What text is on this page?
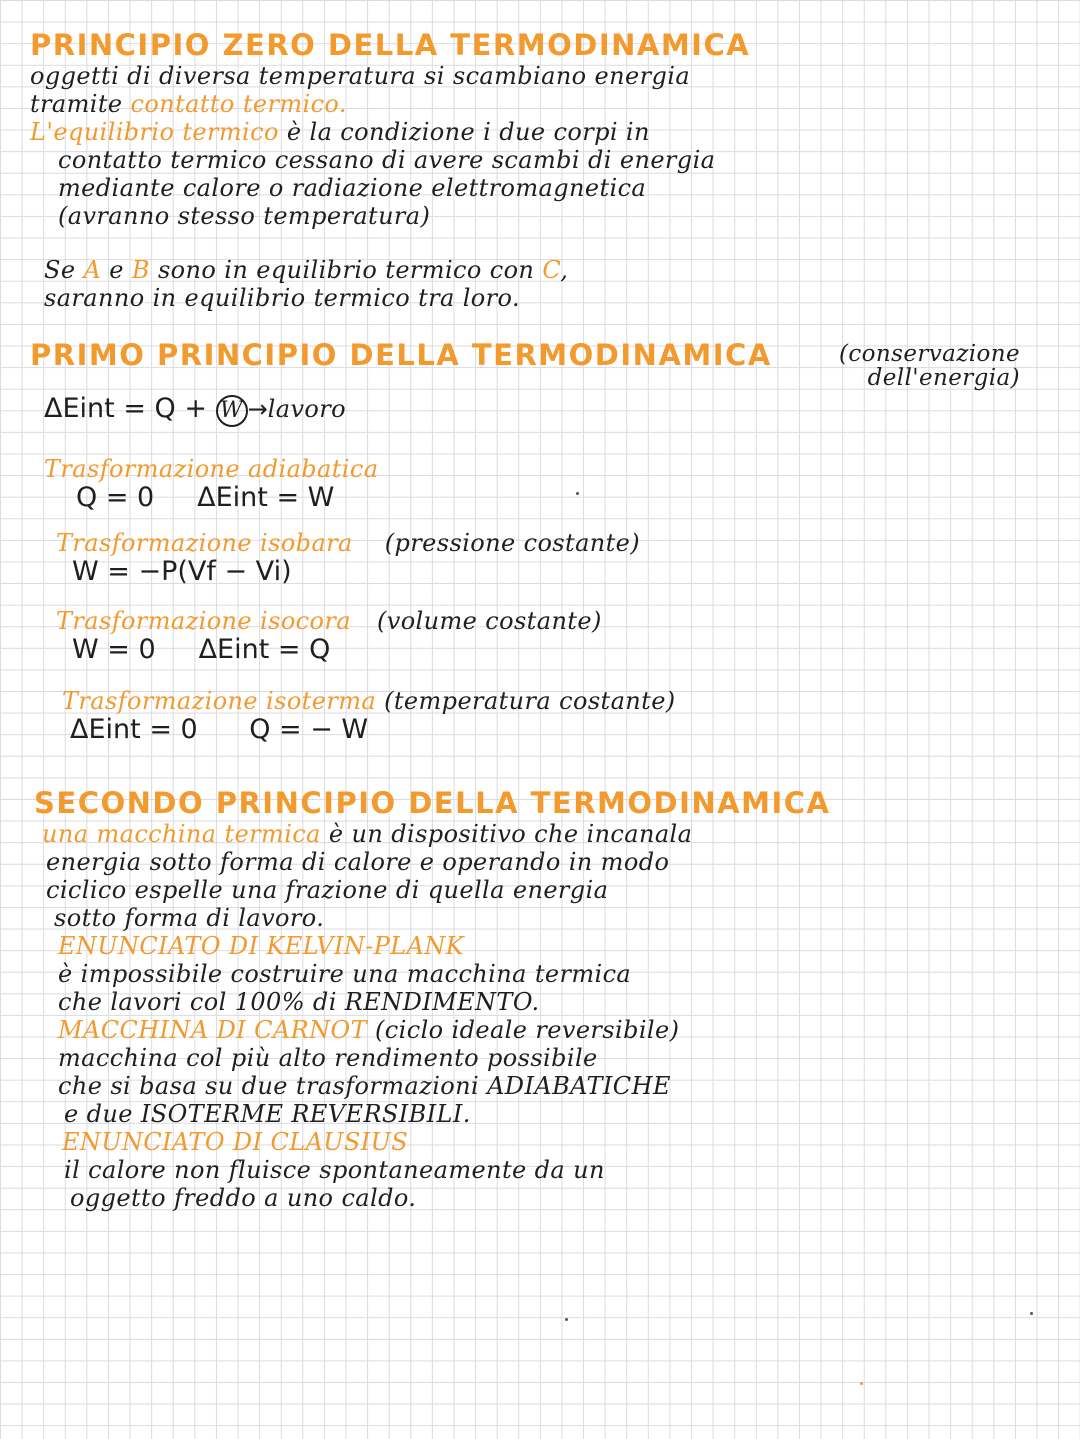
PRINCIPIO ZERO DELLA TERMODINAMICA

oggetti di diversa temperatura si scambiano energia

tramite contatto termico.

L'equilibrio termico è la condizione i due corpi in

contatto termico cessano di avere scambi di energia

mediante calore o radiazione elettromagnetica

(avranno stesso temperatura)

Se A e B sono in equilibrio termico con C,

saranno in equilibrio termico tra loro.

PRIMO PRINCIPIO DELLA TERMODINAMICA	(conservazione

dell'energia)

ΔEint = Q + W →lavoro

Trasformazione adiabatica

Q = 0     ΔEint = W

Trasformazione isobara (pressione costante)

W = −P(Vf − Vi)

Trasformazione isocora (volume costante)

W = 0     ΔEint = Q

Trasformazione isoterma (temperatura costante)

ΔEint = 0      Q = − W

SECONDO PRINCIPIO DELLA TERMODINAMICA

una macchina termica è un dispositivo che incanala

energia sotto forma di calore e operando in modo

ciclico espelle una frazione di quella energia

sotto forma di lavoro.

ENUNCIATO DI KELVIN-PLANK

è impossibile costruire una macchina termica

che lavori col 100% di RENDIMENTO.

MACCHINA DI CARNOT (ciclo ideale reversibile)

macchina col più alto rendimento possibile

che si basa su due trasformazioni ADIABATICHE

e due ISOTERME REVERSIBILI.

ENUNCIATO DI CLAUSIUS

il calore non fluisce spontaneamente da un

oggetto freddo a uno caldo.
